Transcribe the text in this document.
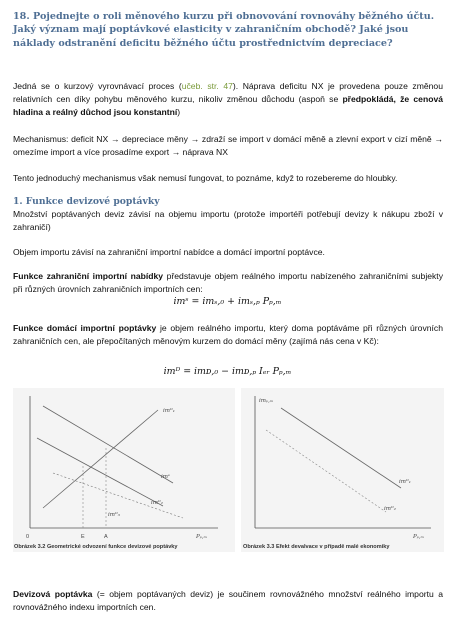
18. Pojednejte o roli měnového kurzu při obnovování rovnováhy běžného účtu. Jaký význam mají poptávkové elasticity v zahraničním obchodě? Jaké jsou náklady odstranění deficitu běžného účtu prostřednictvím depreciace?
Jedná se o kurzový vyrovnávací proces (učeb. str. 47). Náprava deficitu NX je provedena pouze změnou relativních cen díky pohybu měnového kurzu, nikoliv změnou důchodu (aspoň se předpokládá, že cenová hladina a reálný důchod jsou konstantní)
Mechanismus: deficit NX → depreciace měny → zdraží se import v domácí měně a zlevní export v cizí měně → omezíme import a více prosadíme export → náprava NX
Tento jednoduchý mechanismus však nemusí fungovat, to poznáme, když to rozebereme do hloubky.
1. Funkce devizové poptávky
Množství poptávaných deviz závisí na objemu importu (protože importéři potřebují devizy k nákupu zboží v zahraničí)
Objem importu závisí na zahraniční importní nabídce a domácí importní poptávce.
Funkce zahraniční importní nabídky představuje objem reálného importu nabízeného zahraničními subjekty při různých úrovních zahraničních importních cen:
imˢ = imₛ,₀ + imₛ,ₚ Pₚ,ₘ
Funkce domácí importní poptávky je objem reálného importu, který doma poptáváme při různých úrovních zahraničních cen, ale přepočítaných měnovým kurzem do domácí měny (zajímá nás cena v Kč):
imᴰ = imᴅ,₀ − imᴅ,ₚ Iₑᵣ Pₚ,ₘ
imᴰ₁
imˢ
imᴰ₂
imᴰ₃
Pₚ,ₘ
0	E	A
Obrázek 3.2 Geometrické odvození funkce devizové poptávky
imₚ,ₘ
imᴰ₁
imᴰ₂
Pₚ,ₘ
Obrázek 3.3 Efekt devalvace v případě malé ekonomiky
Devizová poptávka (= objem poptávaných deviz) je součinem rovnovážného množství reálného importu a rovnovážného indexu importních cen.
